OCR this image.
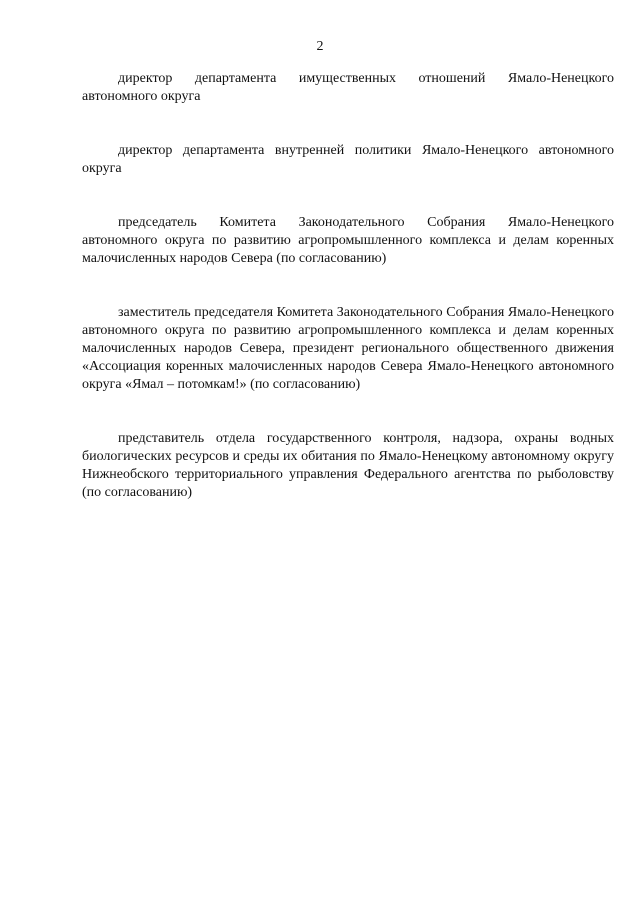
2

директор департамента имущественных отношений Ямало-Ненецкого автономного округа

директор департамента внутренней политики Ямало-Ненецкого автономного округа

председатель Комитета Законодательного Собрания Ямало-Ненецкого автономного округа по развитию агропромышленного комплекса и делам коренных малочисленных народов Севера (по согласованию)

заместитель председателя Комитета Законодательного Собрания Ямало-Ненецкого автономного округа по развитию агропромышленного комплекса и делам коренных малочисленных народов Севера, президент регионального общественного движения «Ассоциация коренных малочисленных народов Севера Ямало-Ненецкого автономного округа «Ямал – потомкам!» (по согласованию)

представитель отдела государственного контроля, надзора, охраны водных биологических ресурсов и среды их обитания по Ямало-Ненецкому автономному округу Нижнеобского территориального управления Федерального агентства по рыболовству (по согласованию)
